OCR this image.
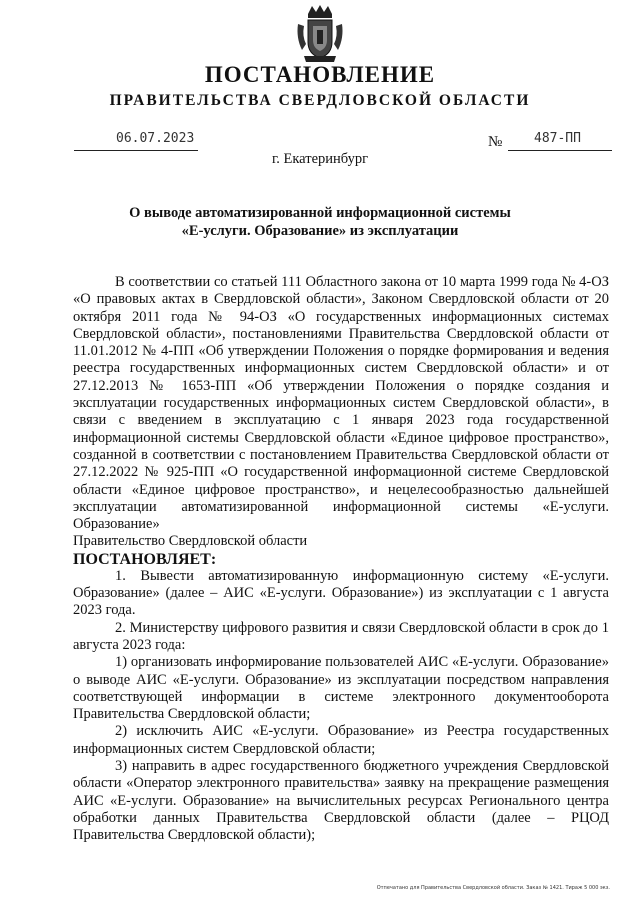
ПОСТАНОВЛЕНИЕ
ПРАВИТЕЛЬСТВА СВЕРДЛОВСКОЙ ОБЛАСТИ
06.07.2023	№ 487-ПП
г. Екатеринбург
О выводе автоматизированной информационной системы
«Е-услуги. Образование» из эксплуатации

В соответствии со статьей 111 Областного закона от 10 марта 1999 года № 4-ОЗ «О правовых актах в Свердловской области», Законом Свердловской области от 20 октября 2011 года № 94-ОЗ «О государственных информационных системах Свердловской области», постановлениями Правительства Свердловской области от 11.01.2012 № 4-ПП «Об утверждении Положения о порядке формирования и ведения реестра государственных информационных систем Свердловской области» и от 27.12.2013 № 1653-ПП «Об утверждении Положения о порядке создания и эксплуатации государственных информационных систем Свердловской области», в связи с введением в эксплуатацию с 1 января 2023 года государственной информационной системы Свердловской области «Единое цифровое пространство», созданной в соответствии с постановлением Правительства Свердловской области от 27.12.2022 № 925-ПП «О государственной информационной системе Свердловской области «Единое цифровое пространство», и нецелесообразностью дальнейшей эксплуатации автоматизированной информационной системы «Е-услуги. Образование»

Правительство Свердловской области

ПОСТАНОВЛЯЕТ:

1. Вывести автоматизированную информационную систему «Е-услуги. Образование» (далее – АИС «Е-услуги. Образование») из эксплуатации с 1 августа 2023 года.

2. Министерству цифрового развития и связи Свердловской области в срок до 1 августа 2023 года:

1) организовать информирование пользователей АИС «Е-услуги. Образование» о выводе АИС «Е-услуги. Образование» из эксплуатации посредством направления соответствующей информации в системе электронного документооборота Правительства Свердловской области;

2) исключить АИС «Е-услуги. Образование» из Реестра государственных информационных систем Свердловской области;

3) направить в адрес государственного бюджетного учреждения Свердловской области «Оператор электронного правительства» заявку на прекращение размещения АИС «Е-услуги. Образование» на вычислительных ресурсах Регионального центра обработки данных Правительства Свердловской области (далее – РЦОД Правительства Свердловской области);

Отпечатано для Правительства Свердловской области. Заказ № 1421. Тираж 5 000 экз.
